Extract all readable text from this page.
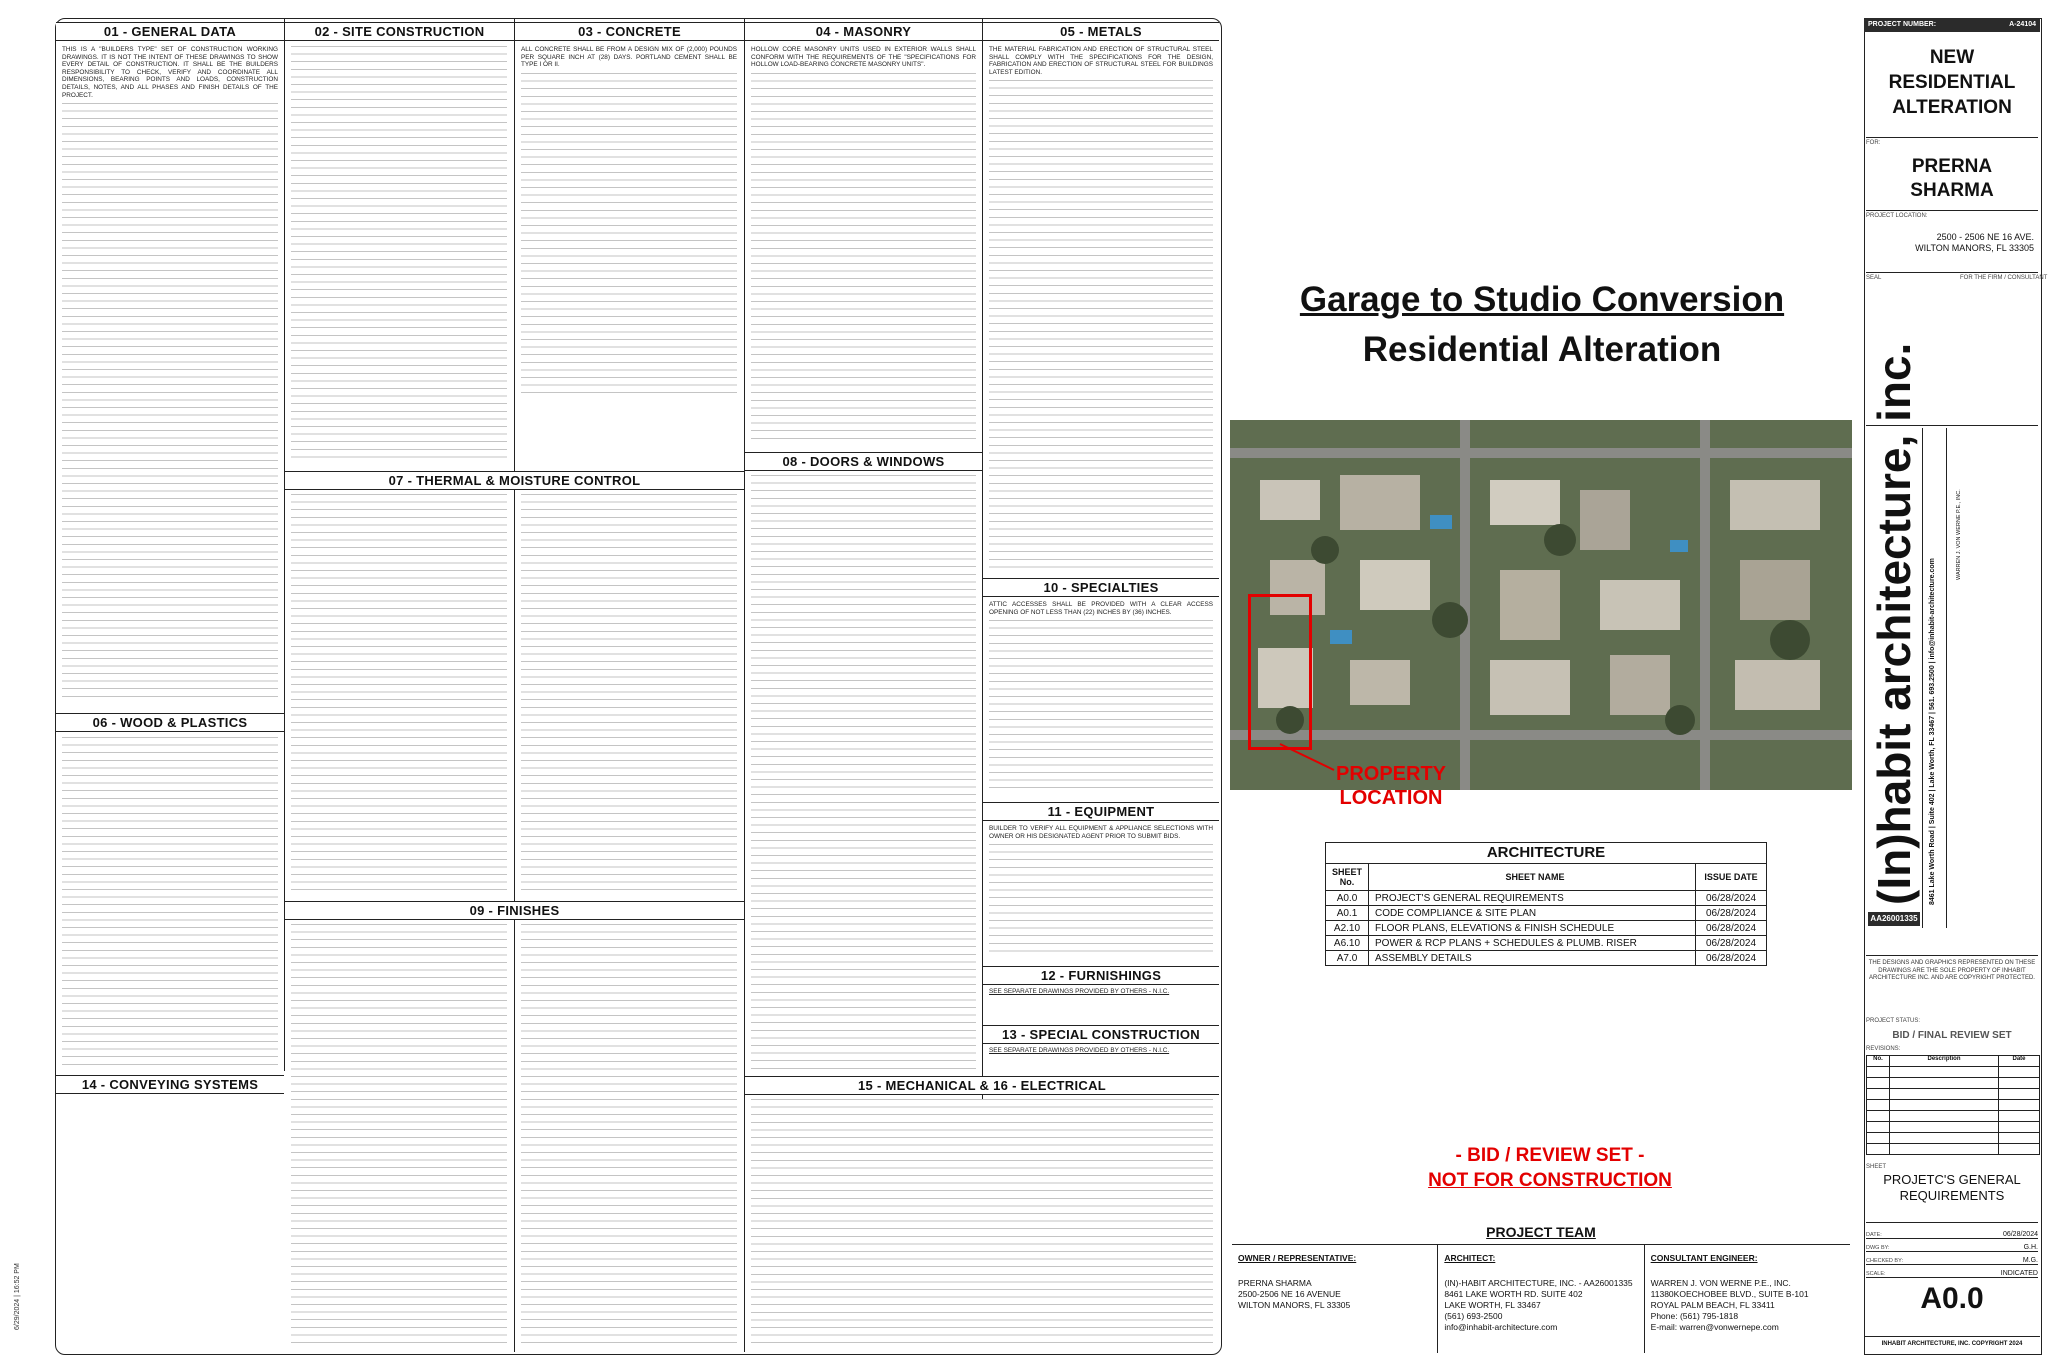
01 - GENERAL DATA	02 - SITE CONSTRUCTION	03 - CONCRETE	04 - MASONRY	05 - METALS
07 - THERMAL & MOISTURE CONTROL
08 - DOORS & WINDOWS
06 - WOOD & PLASTICS
09 - FINISHES
10 - SPECIALTIES
11 - EQUIPMENT
12 - FURNISHINGS
13 - SPECIAL CONSTRUCTION
14 - CONVEYING SYSTEMS	15 - MECHANICAL & 16 - ELECTRICAL

THIS IS A "BUILDERS TYPE" SET OF CONSTRUCTION WORKING DRAWINGS. IT IS NOT THE INTENT OF THESE DRAWINGS TO SHOW EVERY DETAIL OF CONSTRUCTION. IT SHALL BE THE BUILDERS RESPONSIBILITY TO CHECK, VERIFY AND COORDINATE ALL DIMENSIONS, BEARING POINTS AND LOADS, CONSTRUCTION DETAILS, NOTES, AND ALL PHASES AND FINISH DETAILS OF THE PROJECT.

ALL CONCRETE SHALL BE FROM A DESIGN MIX OF (2,000) POUNDS PER SQUARE INCH AT (28) DAYS. PORTLAND CEMENT SHALL BE TYPE I OR II.

HOLLOW CORE MASONRY UNITS USED IN EXTERIOR WALLS SHALL CONFORM WITH THE REQUIREMENTS OF THE "SPECIFICATIONS FOR HOLLOW LOAD-BEARING CONCRETE MASONRY UNITS".

THE MATERIAL FABRICATION AND ERECTION OF STRUCTURAL STEEL SHALL COMPLY WITH THE SPECIFICATIONS FOR THE DESIGN, FABRICATION AND ERECTION OF STRUCTURAL STEEL FOR BUILDINGS LATEST EDITION.

ATTIC ACCESSES SHALL BE PROVIDED WITH A CLEAR ACCESS OPENING OF NOT LESS THAN (22) INCHES BY (36) INCHES.

BUILDER TO VERIFY ALL EQUIPMENT & APPLIANCE SELECTIONS WITH OWNER OR HIS DESIGNATED AGENT PRIOR TO SUBMIT BIDS.

SEE SEPARATE DRAWINGS PROVIDED BY OTHERS - N.I.C.

SEE SEPARATE DRAWINGS PROVIDED BY OTHERS - N.I.C.

6/29/2024 | 16:52 PM
Garage to Studio Conversion
Residential Alteration
PROPERTY
LOCATION
ARCHITECTURE
SHEET No.	SHEET NAME	ISSUE DATE
A0.0	PROJECT'S GENERAL REQUIREMENTS	06/28/2024
A0.1	CODE COMPLIANCE & SITE PLAN	06/28/2024
A2.10	FLOOR PLANS, ELEVATIONS & FINISH SCHEDULE	06/28/2024
A6.10	POWER & RCP PLANS + SCHEDULES & PLUMB. RISER	06/28/2024
A7.0	ASSEMBLY DETAILS	06/28/2024
- BID / REVIEW SET -
NOT FOR CONSTRUCTION
PROJECT TEAM
OWNER / REPRESENTATIVE:
PRERNA SHARMA
2500-2506 NE 16 AVENUE
WILTON MANORS, FL 33305
ARCHITECT:
(IN)-HABIT ARCHITECTURE, INC. - AA26001335
8461 LAKE WORTH RD. SUITE 402
LAKE WORTH, FL 33467
(561) 693-2500
info@inhabit-architecture.com
CONSULTANT ENGINEER:
WARREN J. VON WERNE P.E., INC.
11380KOECHOBEE BLVD., SUITE B-101
ROYAL PALM BEACH, FL 33411
Phone: (561) 795-1818
E-mail: warren@vonwernepe.com
PROJECT NUMBER:	A-24104
NEW
RESIDENTIAL
ALTERATION
FOR:
PRERNA
SHARMA
PROJECT LOCATION:
2500 - 2506 NE 16 AVE.
WILTON MANORS, FL 33305
SEAL	FOR THE FIRM / CONSULTANT
(In)habit architecture, inc.	8461 Lake Worth Road | Suite 402 | Lake Worth, FL 33467 | 561. 693.2500 | info@inhabit-architecture.com
WARREN J. VON WERNE P.E., INC.
AA26001335
THE DESIGNS AND GRAPHICS REPRESENTED ON THESE DRAWINGS ARE THE SOLE PROPERTY OF INHABIT ARCHITECTURE INC. AND ARE COPYRIGHT PROTECTED.
PROJECT STATUS:
BID / FINAL REVIEW SET
REVISIONS:
No.	Description	Date
SHEET
PROJETC'S GENERAL
REQUIREMENTS
DATE:	06/28/2024
DWG BY:	G.H.
CHECKED BY:	M.G.
SCALE:	INDICATED
A0.0
INHABIT ARCHITECTURE, INC. COPYRIGHT 2024
